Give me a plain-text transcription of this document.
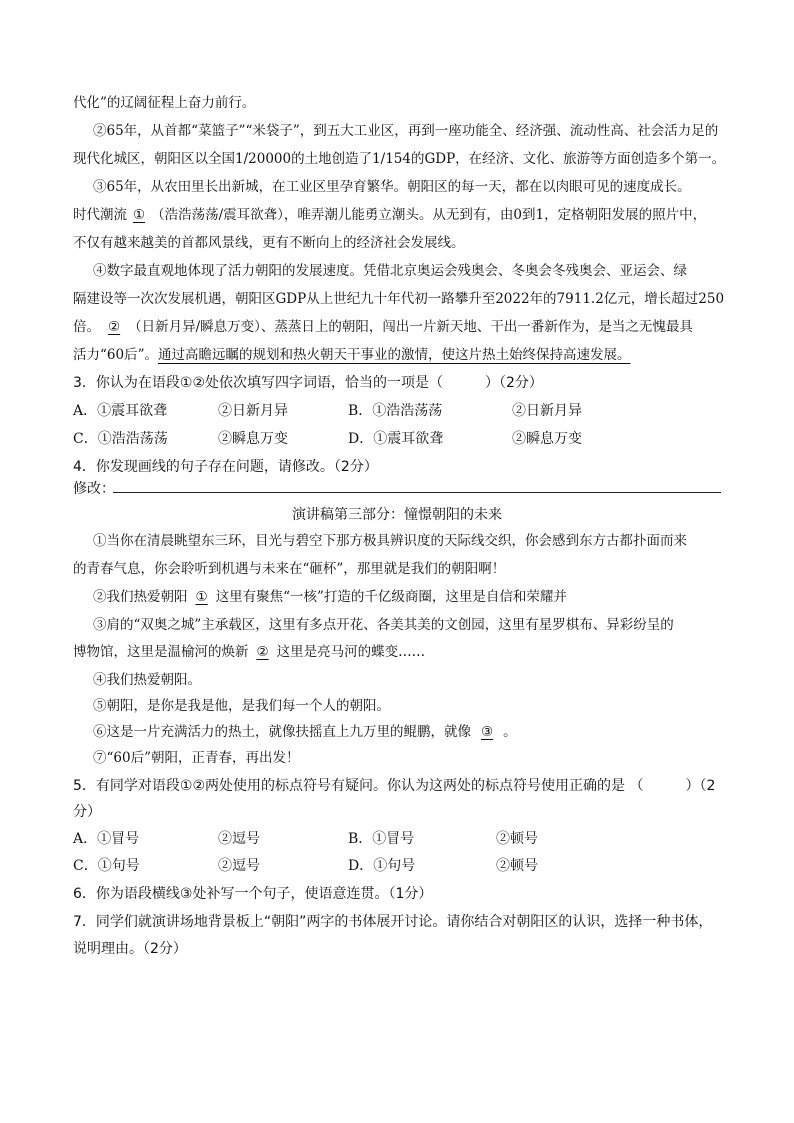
代化”的辽阔征程上奋力前行。
②65年，从首都“菜篮子”“米袋子”，到五大工业区，再到一座功能全、经济强、流动性高、社会活力足的
现代化城区，朝阳区以全国1/20000的土地创造了1/154的GDP，在经济、文化、旅游等方面创造多个第一。
③65年，从农田里长出新城，在工业区里孕育繁华。朝阳区的每一天，都在以肉眼可见的速度成长。
时代潮流 ① （浩浩荡荡/震耳欲聋），唯弄潮儿能勇立潮头。从无到有，由0到1，定格朝阳发展的照片中，
不仅有越来越美的首都风景线，更有不断向上的经济社会发展线。
④数字最直观地体现了活力朝阳的发展速度。凭借北京奥运会残奥会、冬奥会冬残奥会、亚运会、绿
隔建设等一次次发展机遇，朝阳区GDP从上世纪九十年代初一路攀升至2022年的7911.2亿元，增长超过250
倍。 ② （日新月异/瞬息万变）、蒸蒸日上的朝阳，闯出一片新天地、干出一番新作为，是当之无愧最具
活力“60后”。通过高瞻远瞩的规划和热火朝天干事业的激情，使这片热土始终保持高速发展。
3．你认为在语段①②处依次填写四字词语，恰当的一项是（　　　）（2分）
A．①震耳欲聋	②日新月异	B．①浩浩荡荡	②日新月异
C．①浩浩荡荡	②瞬息万变	D．①震耳欲聋	②瞬息万变
4．你发现画线的句子存在问题，请修改。（2分）
修改：
演讲稿第三部分：憧憬朝阳的未来
①当你在清晨眺望东三环，目光与碧空下那方极具辨识度的天际线交织，你会感到东方古都扑面而来
的青春气息，你会聆听到机遇与未来在“砸杯”，那里就是我们的朝阳啊！
②我们热爱朝阳 ① 这里有聚焦“一核”打造的千亿级商圈，这里是自信和荣耀并
③肩的“双奥之城”主承载区，这里有多点开花、各美其美的文创园，这里有星罗棋布、异彩纷呈的
博物馆，这里是温榆河的焕新 ② 这里是亮马河的蝶变……
④我们热爱朝阳。
⑤朝阳，是你是我是他，是我们每一个人的朝阳。
⑥这是一片充满活力的热土，就像扶摇直上九万里的鲲鹏，就像 ③ 。
⑦“60后”朝阳，正青春，再出发！
5．有同学对语段①②两处使用的标点符号有疑问。你认为这两处的标点符号使用正确的是 （　　　）（2
分）
A．①冒号	②逗号	B．①冒号	②顿号
C．①句号	②逗号	D．①句号	②顿号
6．你为语段横线③处补写一个句子，使语意连贯。（1分）
7．同学们就演讲场地背景板上“朝阳”两字的书体展开讨论。请你结合对朝阳区的认识，选择一种书体，
说明理由。（2分）
